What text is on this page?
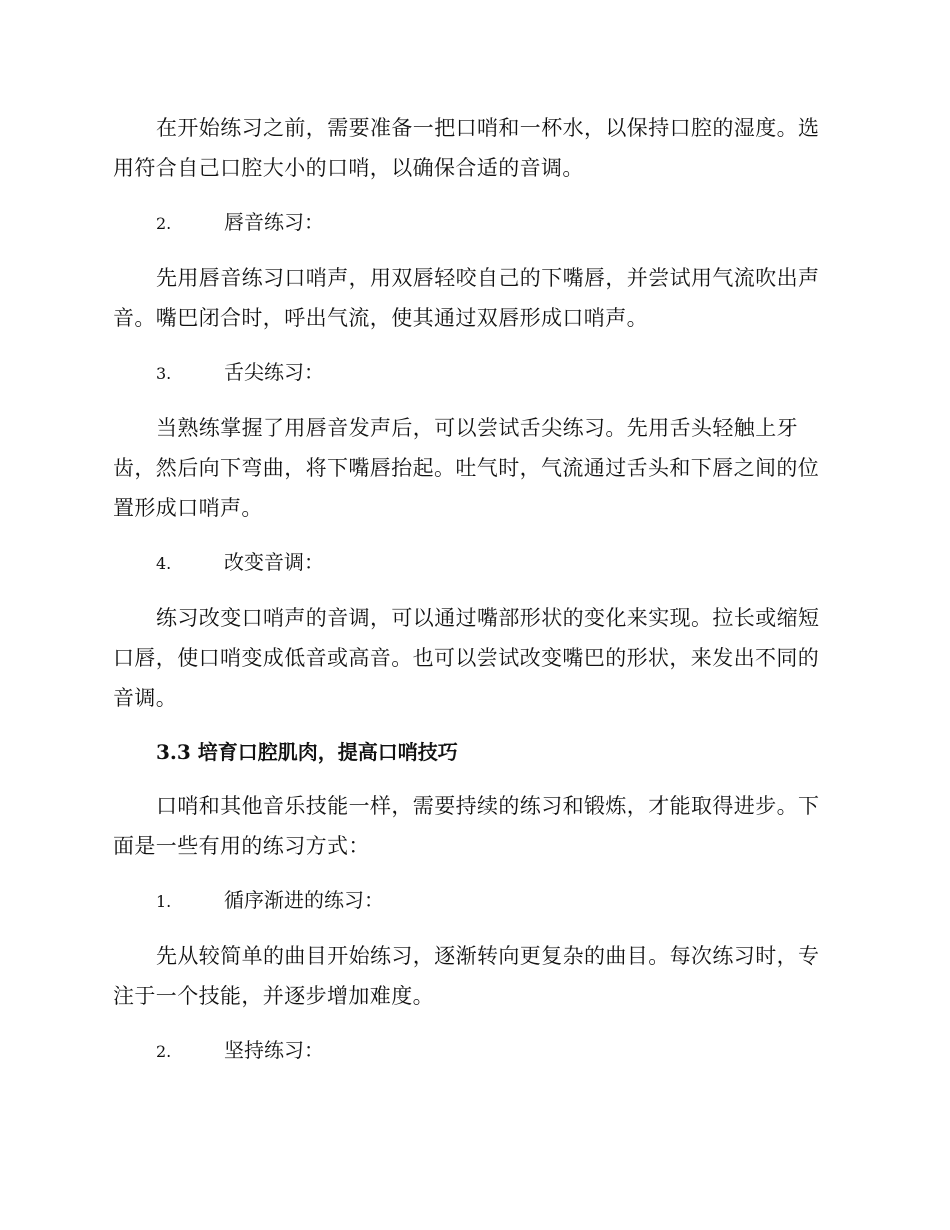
在开始练习之前，需要准备一把口哨和一杯水，以保持口腔的湿度。选用符合自己口腔大小的口哨，以确保合适的音调。

2.	唇音练习：

先用唇音练习口哨声，用双唇轻咬自己的下嘴唇，并尝试用气流吹出声音。嘴巴闭合时，呼出气流，使其通过双唇形成口哨声。

3.	舌尖练习：

当熟练掌握了用唇音发声后，可以尝试舌尖练习。先用舌头轻触上牙齿，然后向下弯曲，将下嘴唇抬起。吐气时，气流通过舌头和下唇之间的位置形成口哨声。

4.	改变音调：

练习改变口哨声的音调，可以通过嘴部形状的变化来实现。拉长或缩短口唇，使口哨变成低音或高音。也可以尝试改变嘴巴的形状，来发出不同的音调。

3.3 培育口腔肌肉，提高口哨技巧

口哨和其他音乐技能一样，需要持续的练习和锻炼，才能取得进步。下面是一些有用的练习方式：

1.	循序渐进的练习：

先从较简单的曲目开始练习，逐渐转向更复杂的曲目。每次练习时，专注于一个技能，并逐步增加难度。

2.	坚持练习：
